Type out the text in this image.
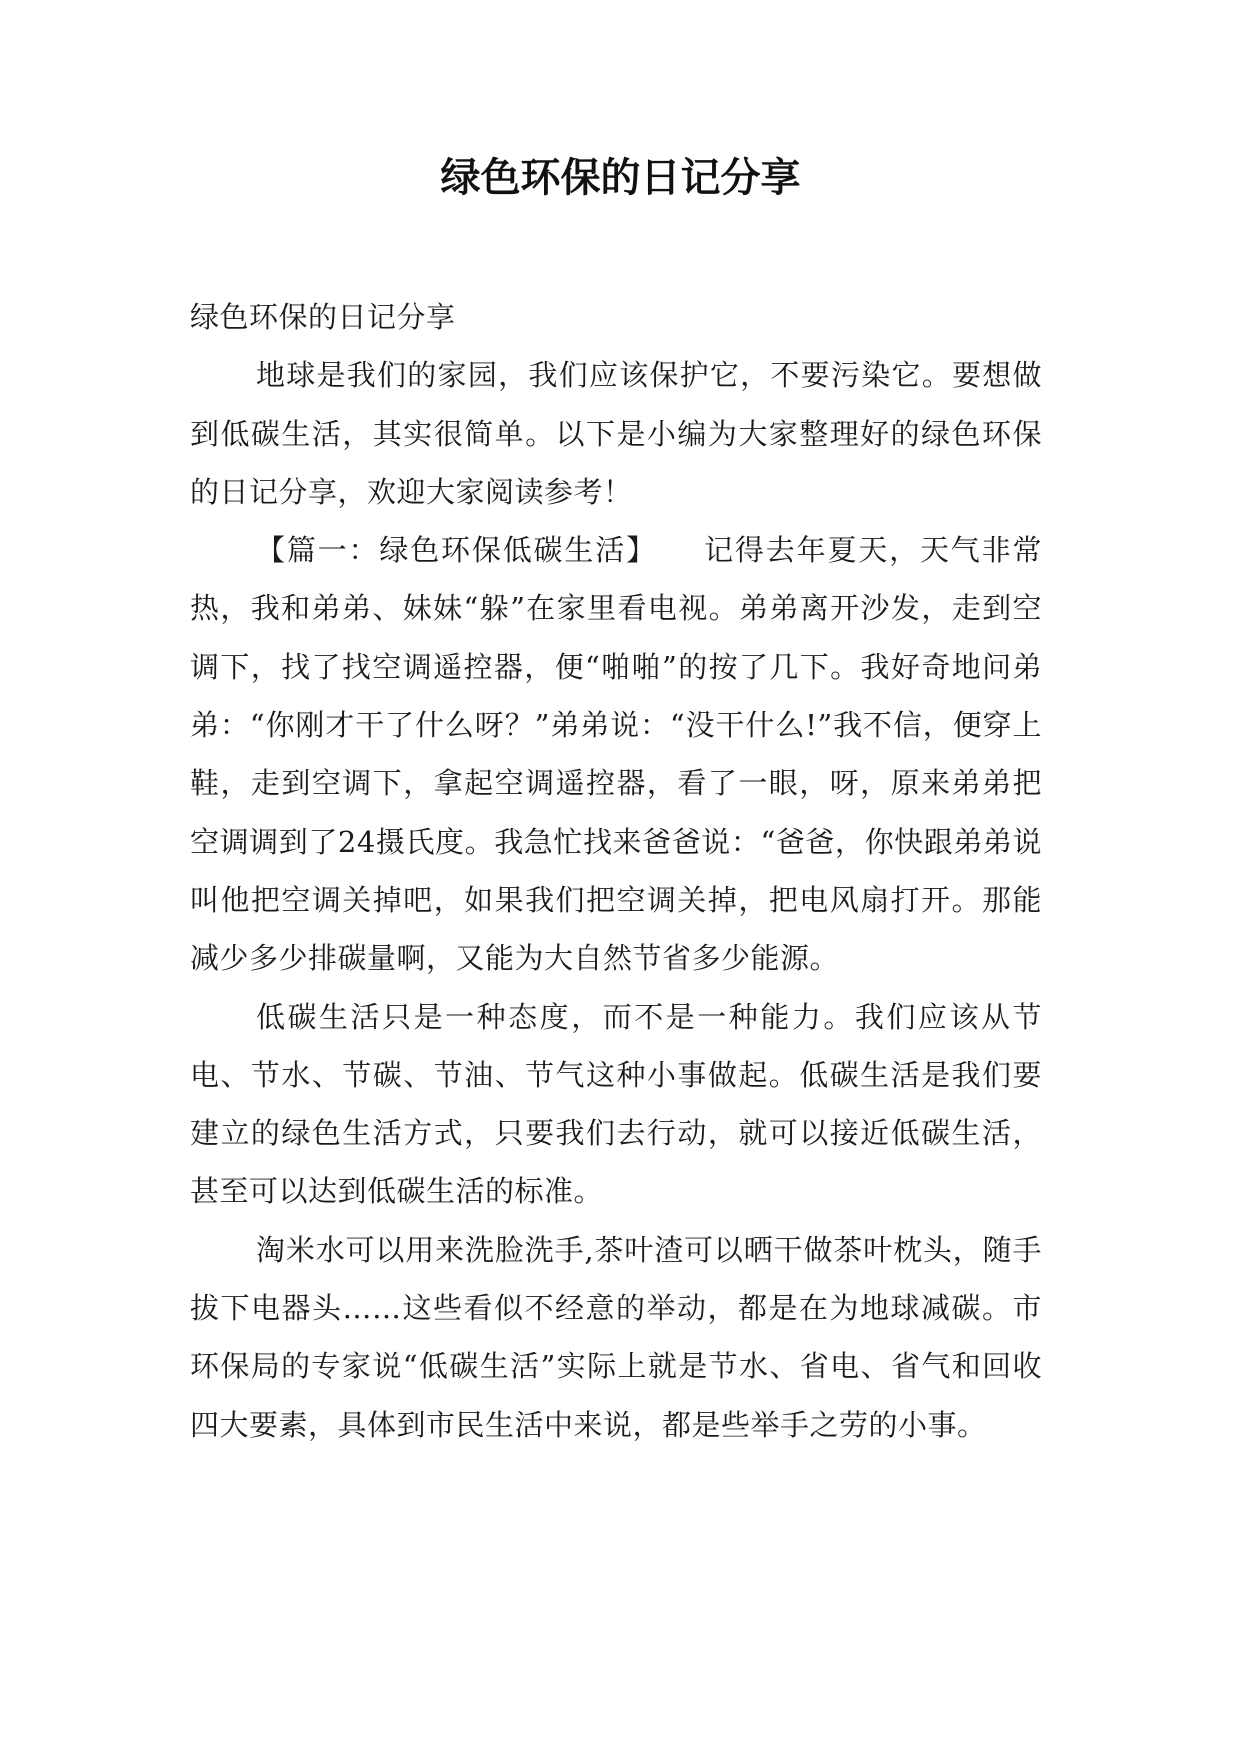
绿色环保的日记分享

绿色环保的日记分享

地球是我们的家园，我们应该保护它，不要污染它。要想做到低碳生活，其实很简单。以下是小编为大家整理好的绿色环保的日记分享，欢迎大家阅读参考！

【篇一：绿色环保低碳生活】　　记得去年夏天，天气非常热，我和弟弟、妹妹“躲”在家里看电视。弟弟离开沙发，走到空调下，找了找空调遥控器，便“啪啪”的按了几下。我好奇地问弟弟：“你刚才干了什么呀？”弟弟说：“没干什么!”我不信，便穿上鞋，走到空调下，拿起空调遥控器，看了一眼，呀，原来弟弟把空调调到了24摄氏度。我急忙找来爸爸说：“爸爸，你快跟弟弟说叫他把空调关掉吧，如果我们把空调关掉，把电风扇打开。那能减少多少排碳量啊，又能为大自然节省多少能源。

低碳生活只是一种态度，而不是一种能力。我们应该从节电、节水、节碳、节油、节气这种小事做起。低碳生活是我们要建立的绿色生活方式，只要我们去行动，就可以接近低碳生活，甚至可以达到低碳生活的标准。

淘米水可以用来洗脸洗手,茶叶渣可以晒干做茶叶枕头，随手拔下电器头……这些看似不经意的举动，都是在为地球减碳。市环保局的专家说“低碳生活”实际上就是节水、省电、省气和回收四大要素，具体到市民生活中来说，都是些举手之劳的小事。
